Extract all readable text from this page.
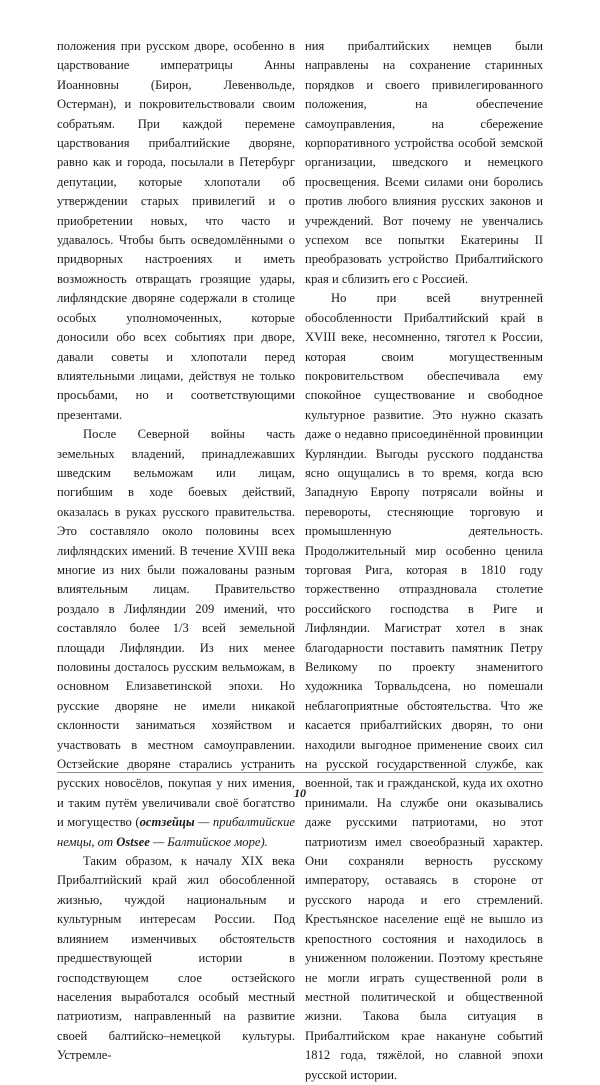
положения при русском дворе, особенно в царствование императрицы Анны Иоанновны (Бирон, Левенвольде, Остерман), и покровительствовали своим собратьям. При каждой перемене царствования прибалтийские дворяне, равно как и города, посылали в Петербург депутации, которые хлопотали об утверждении старых привилегий и о приобретении новых, что часто и удавалось. Чтобы быть осведомлёнными о придворных настроениях и иметь возможность отвращать грозящие удары, лифляндские дворяне содержали в столице особых уполномоченных, которые доносили обо всех событиях при дворе, давали советы и хлопотали перед влиятельными лицами, действуя не только просьбами, но и соответствующими презентами.

После Северной войны часть земельных владений, принадлежавших шведским вельможам или лицам, погибшим в ходе боевых действий, оказалась в руках русского правительства. Это составляло около половины всех лифляндских имений. В течение XVIII века многие из них были пожалованы разным влиятельным лицам. Правительство роздало в Лифляндии 209 имений, что составляло более 1/3 всей земельной площади Лифляндии. Из них менее половины досталось русским вельможам, в основном Елизаветинской эпохи. Но русские дворяне не имели никакой склонности заниматься хозяйством и участвовать в местном самоуправлении. Остзейские дворяне старались устранить русских новосёлов, покупая у них имения, и таким путём увеличивали своё богатство и могущество (остзейцы — прибалтийские немцы, от Ostsee — Балтийское море).

Таким образом, к началу XIX века Прибалтийский край жил обособленной жизнью, чуждой национальным и культурным интересам России. Под влиянием изменчивых обстоятельств предшествующей истории в господствующем слое остзейского населения выработался особый местный патриотизм, направленный на развитие своей балтийско–немецкой культуры. Устремле-

ния прибалтийских немцев были направлены на сохранение старинных порядков и своего привилегированного положения, на обеспечение самоуправления, на сбережение корпоративного устройства особой земской организации, шведского и немецкого просвещения. Всеми силами они боролись против любого влияния русских законов и учреждений. Вот почему не увенчались успехом все попытки Екатерины II преобразовать устройство Прибалтийского края и сблизить его с Россией.

Но при всей внутренней обособленности Прибалтийский край в XVIII веке, несомненно, тяготел к России, которая своим могущественным покровительством обеспечивала ему спокойное существование и свободное культурное развитие. Это нужно сказать даже о недавно присоединённой провинции Курляндии. Выгоды русского подданства ясно ощущались в то время, когда всю Западную Европу потрясали войны и перевороты, стесняющие торговую и промышленную деятельность. Продолжительный мир особенно ценила торговая Рига, которая в 1810 году торжественно отпраздновала столетие российского господства в Риге и Лифляндии. Магистрат хотел в знак благодарности поставить памятник Петру Великому по проекту знаменитого художника Торвальдсена, но помешали неблагоприятные обстоятельства. Что же касается прибалтийских дворян, то они находили выгодное применение своих сил на русской государственной службе, как военной, так и гражданской, куда их охотно принимали. На службе они оказывались даже русскими патриотами, но этот патриотизм имел своеобразный характер. Они сохраняли верность русскому императору, оставаясь в стороне от русского народа и его стремлений. Крестьянское население ещё не вышло из крепостного состояния и находилось в униженном положении. Поэтому крестьяне не могли играть существенной роли в местной политической и общественной жизни. Такова была ситуация в Прибалтийском крае накануне событий 1812 года, тяжёлой, но славной эпохи русской истории.

10
